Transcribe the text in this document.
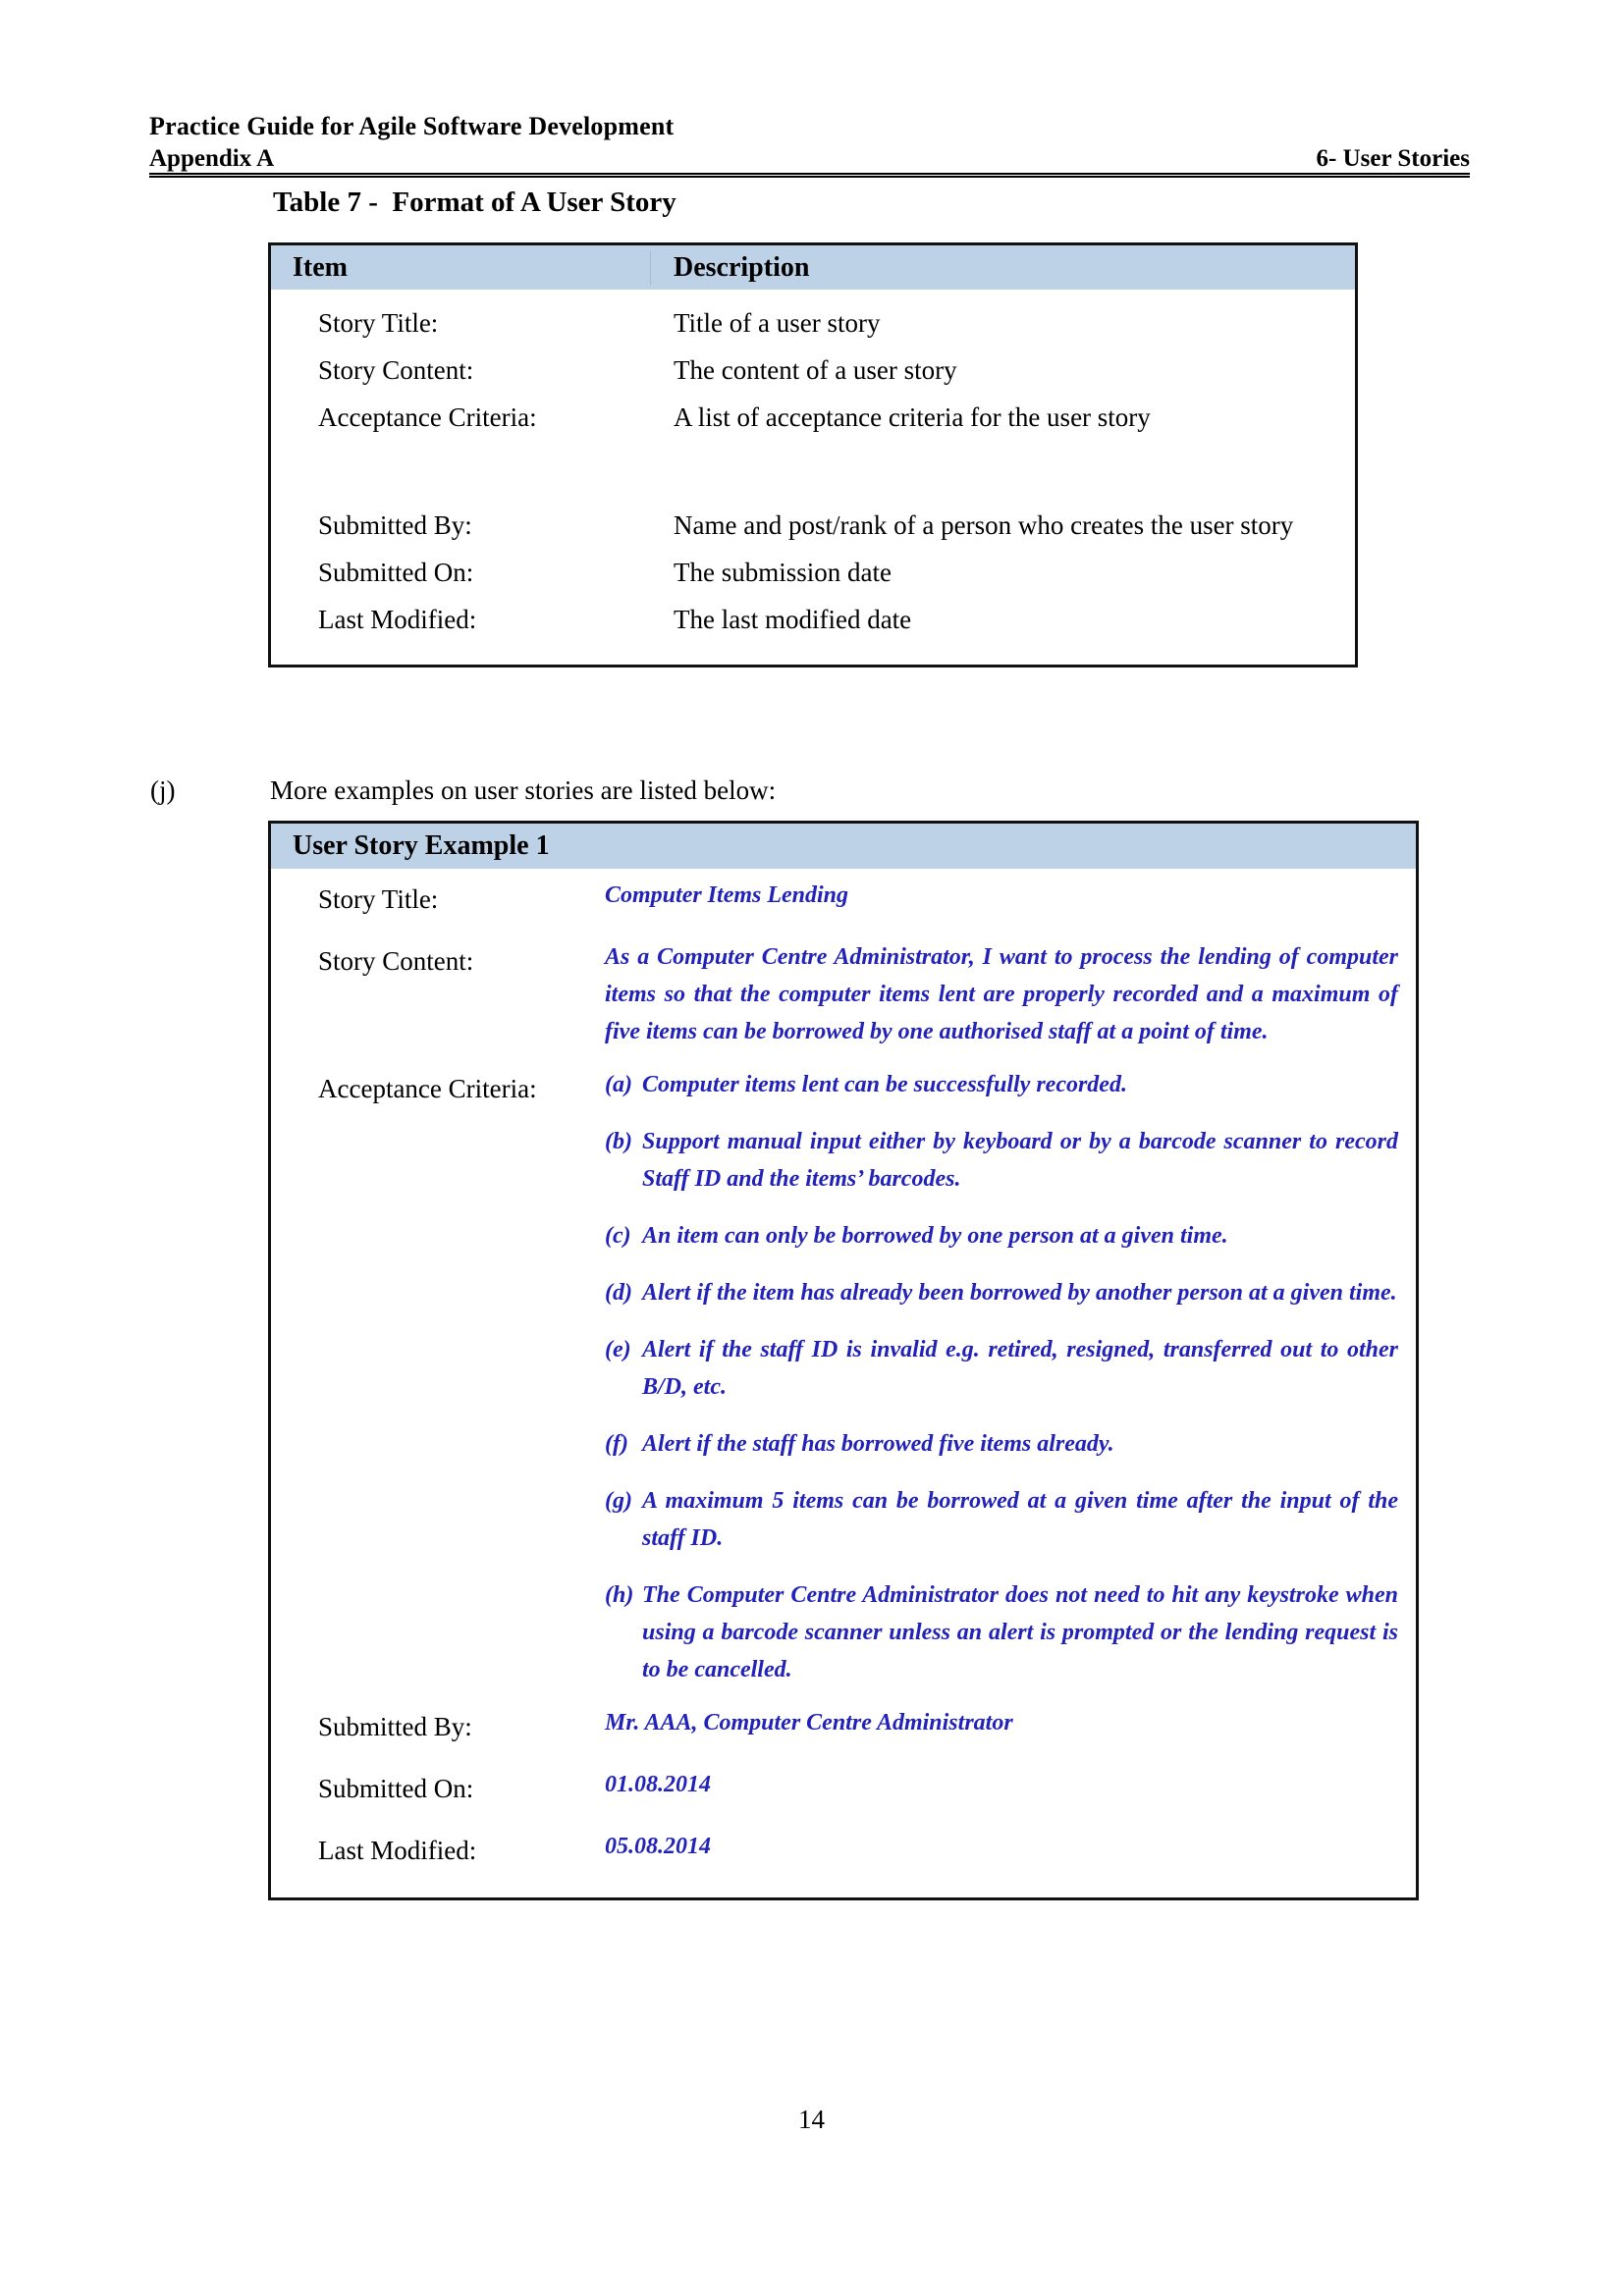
Practice Guide for Agile Software Development
Appendix A	6- User Stories
Table 7 -  Format of A User Story
Item	Description
Story Title:	Title of a user story
Story Content:	The content of a user story
Acceptance Criteria:	A list of acceptance criteria for the user story
Submitted By:	Name and post/rank of a person who creates the user story
Submitted On:	The submission date
Last Modified:	The last modified date
(j)	More examples on user stories are listed below:
User Story Example 1
Story Title:	Computer Items Lending
Story Content:	As a Computer Centre Administrator, I want to process the lending of computer items so that the computer items lent are properly recorded and a maximum of five items can be borrowed by one authorised staff at a point of time.
Acceptance Criteria:	(a) Computer items lent can be successfully recorded.
(b) Support manual input either by keyboard or by a barcode scanner to record Staff ID and the items’ barcodes.
(c) An item can only be borrowed by one person at a given time.
(d) Alert if the item has already been borrowed by another person at a given time.
(e) Alert if the staff ID is invalid e.g. retired, resigned, transferred out to other B/D, etc.
(f) Alert if the staff has borrowed five items already.
(g) A maximum 5 items can be borrowed at a given time after the input of the staff ID.
(h) The Computer Centre Administrator does not need to hit any keystroke when using a barcode scanner unless an alert is prompted or the lending request is to be cancelled.
Submitted By:	Mr. AAA, Computer Centre Administrator
Submitted On:	01.08.2014
Last Modified:	05.08.2014
14
